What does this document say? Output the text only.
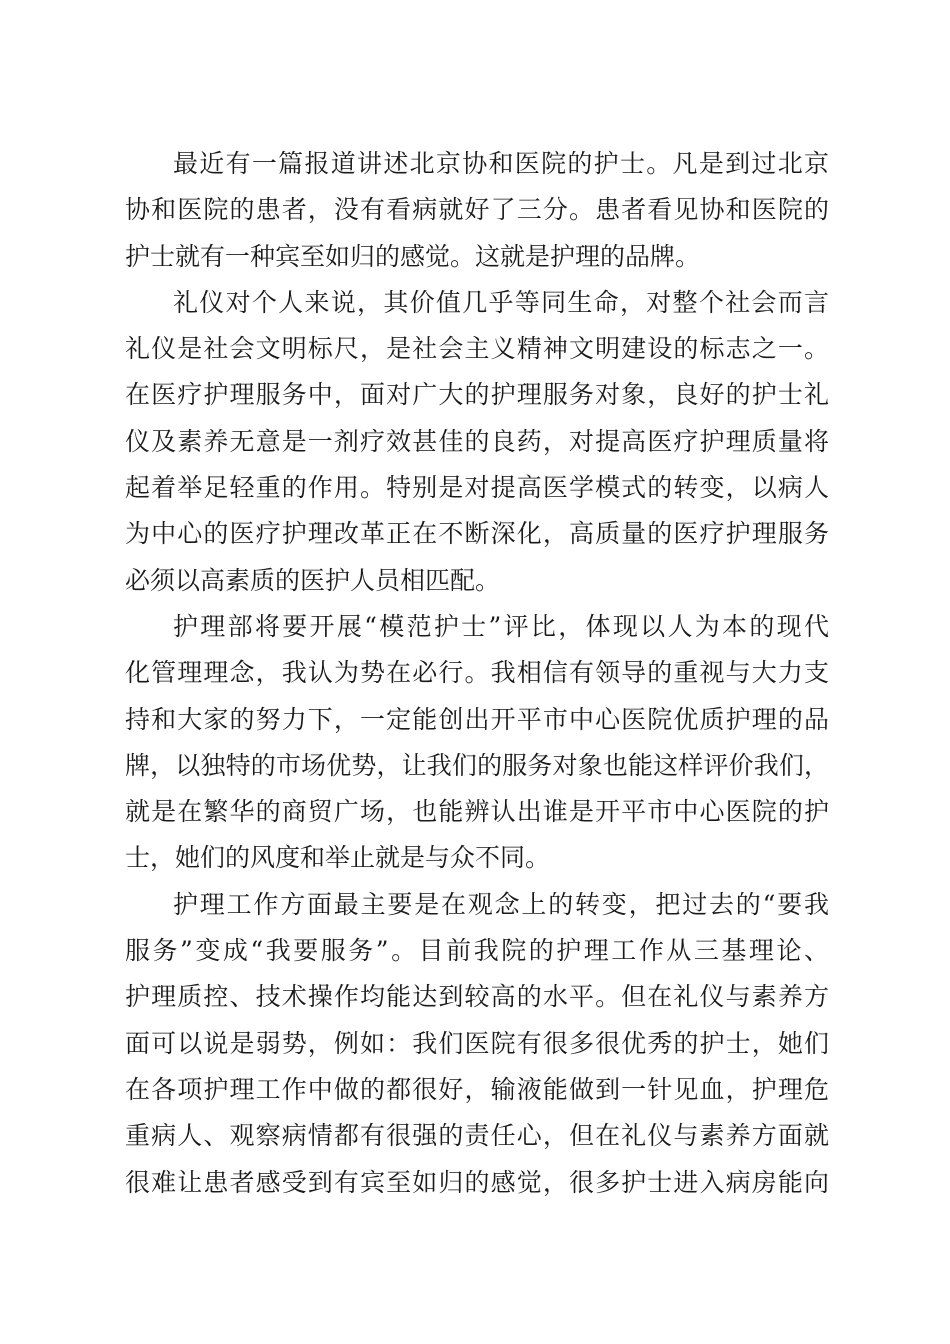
最近有一篇报道讲述北京协和医院的护士。凡是到过北京
协和医院的患者，没有看病就好了三分。患者看见协和医院的
护士就有一种宾至如归的感觉。这就是护理的品牌。
礼仪对个人来说，其价值几乎等同生命，对整个社会而言
礼仪是社会文明标尺，是社会主义精神文明建设的标志之一。
在医疗护理服务中，面对广大的护理服务对象，良好的护士礼
仪及素养无意是一剂疗效甚佳的良药，对提高医疗护理质量将
起着举足轻重的作用。特别是对提高医学模式的转变，以病人
为中心的医疗护理改革正在不断深化，高质量的医疗护理服务
必须以高素质的医护人员相匹配。
护理部将要开展“模范护士”评比，体现以人为本的现代
化管理理念，我认为势在必行。我相信有领导的重视与大力支
持和大家的努力下，一定能创出开平市中心医院优质护理的品
牌，以独特的市场优势，让我们的服务对象也能这样评价我们，
就是在繁华的商贸广场，也能辨认出谁是开平市中心医院的护
士，她们的风度和举止就是与众不同。
护理工作方面最主要是在观念上的转变，把过去的“要我
服务”变成“我要服务”。目前我院的护理工作从三基理论、
护理质控、技术操作均能达到较高的水平。但在礼仪与素养方
面可以说是弱势，例如：我们医院有很多很优秀的护士，她们
在各项护理工作中做的都很好，输液能做到一针见血，护理危
重病人、观察病情都有很强的责任心，但在礼仪与素养方面就
很难让患者感受到有宾至如归的感觉，很多护士进入病房能向
